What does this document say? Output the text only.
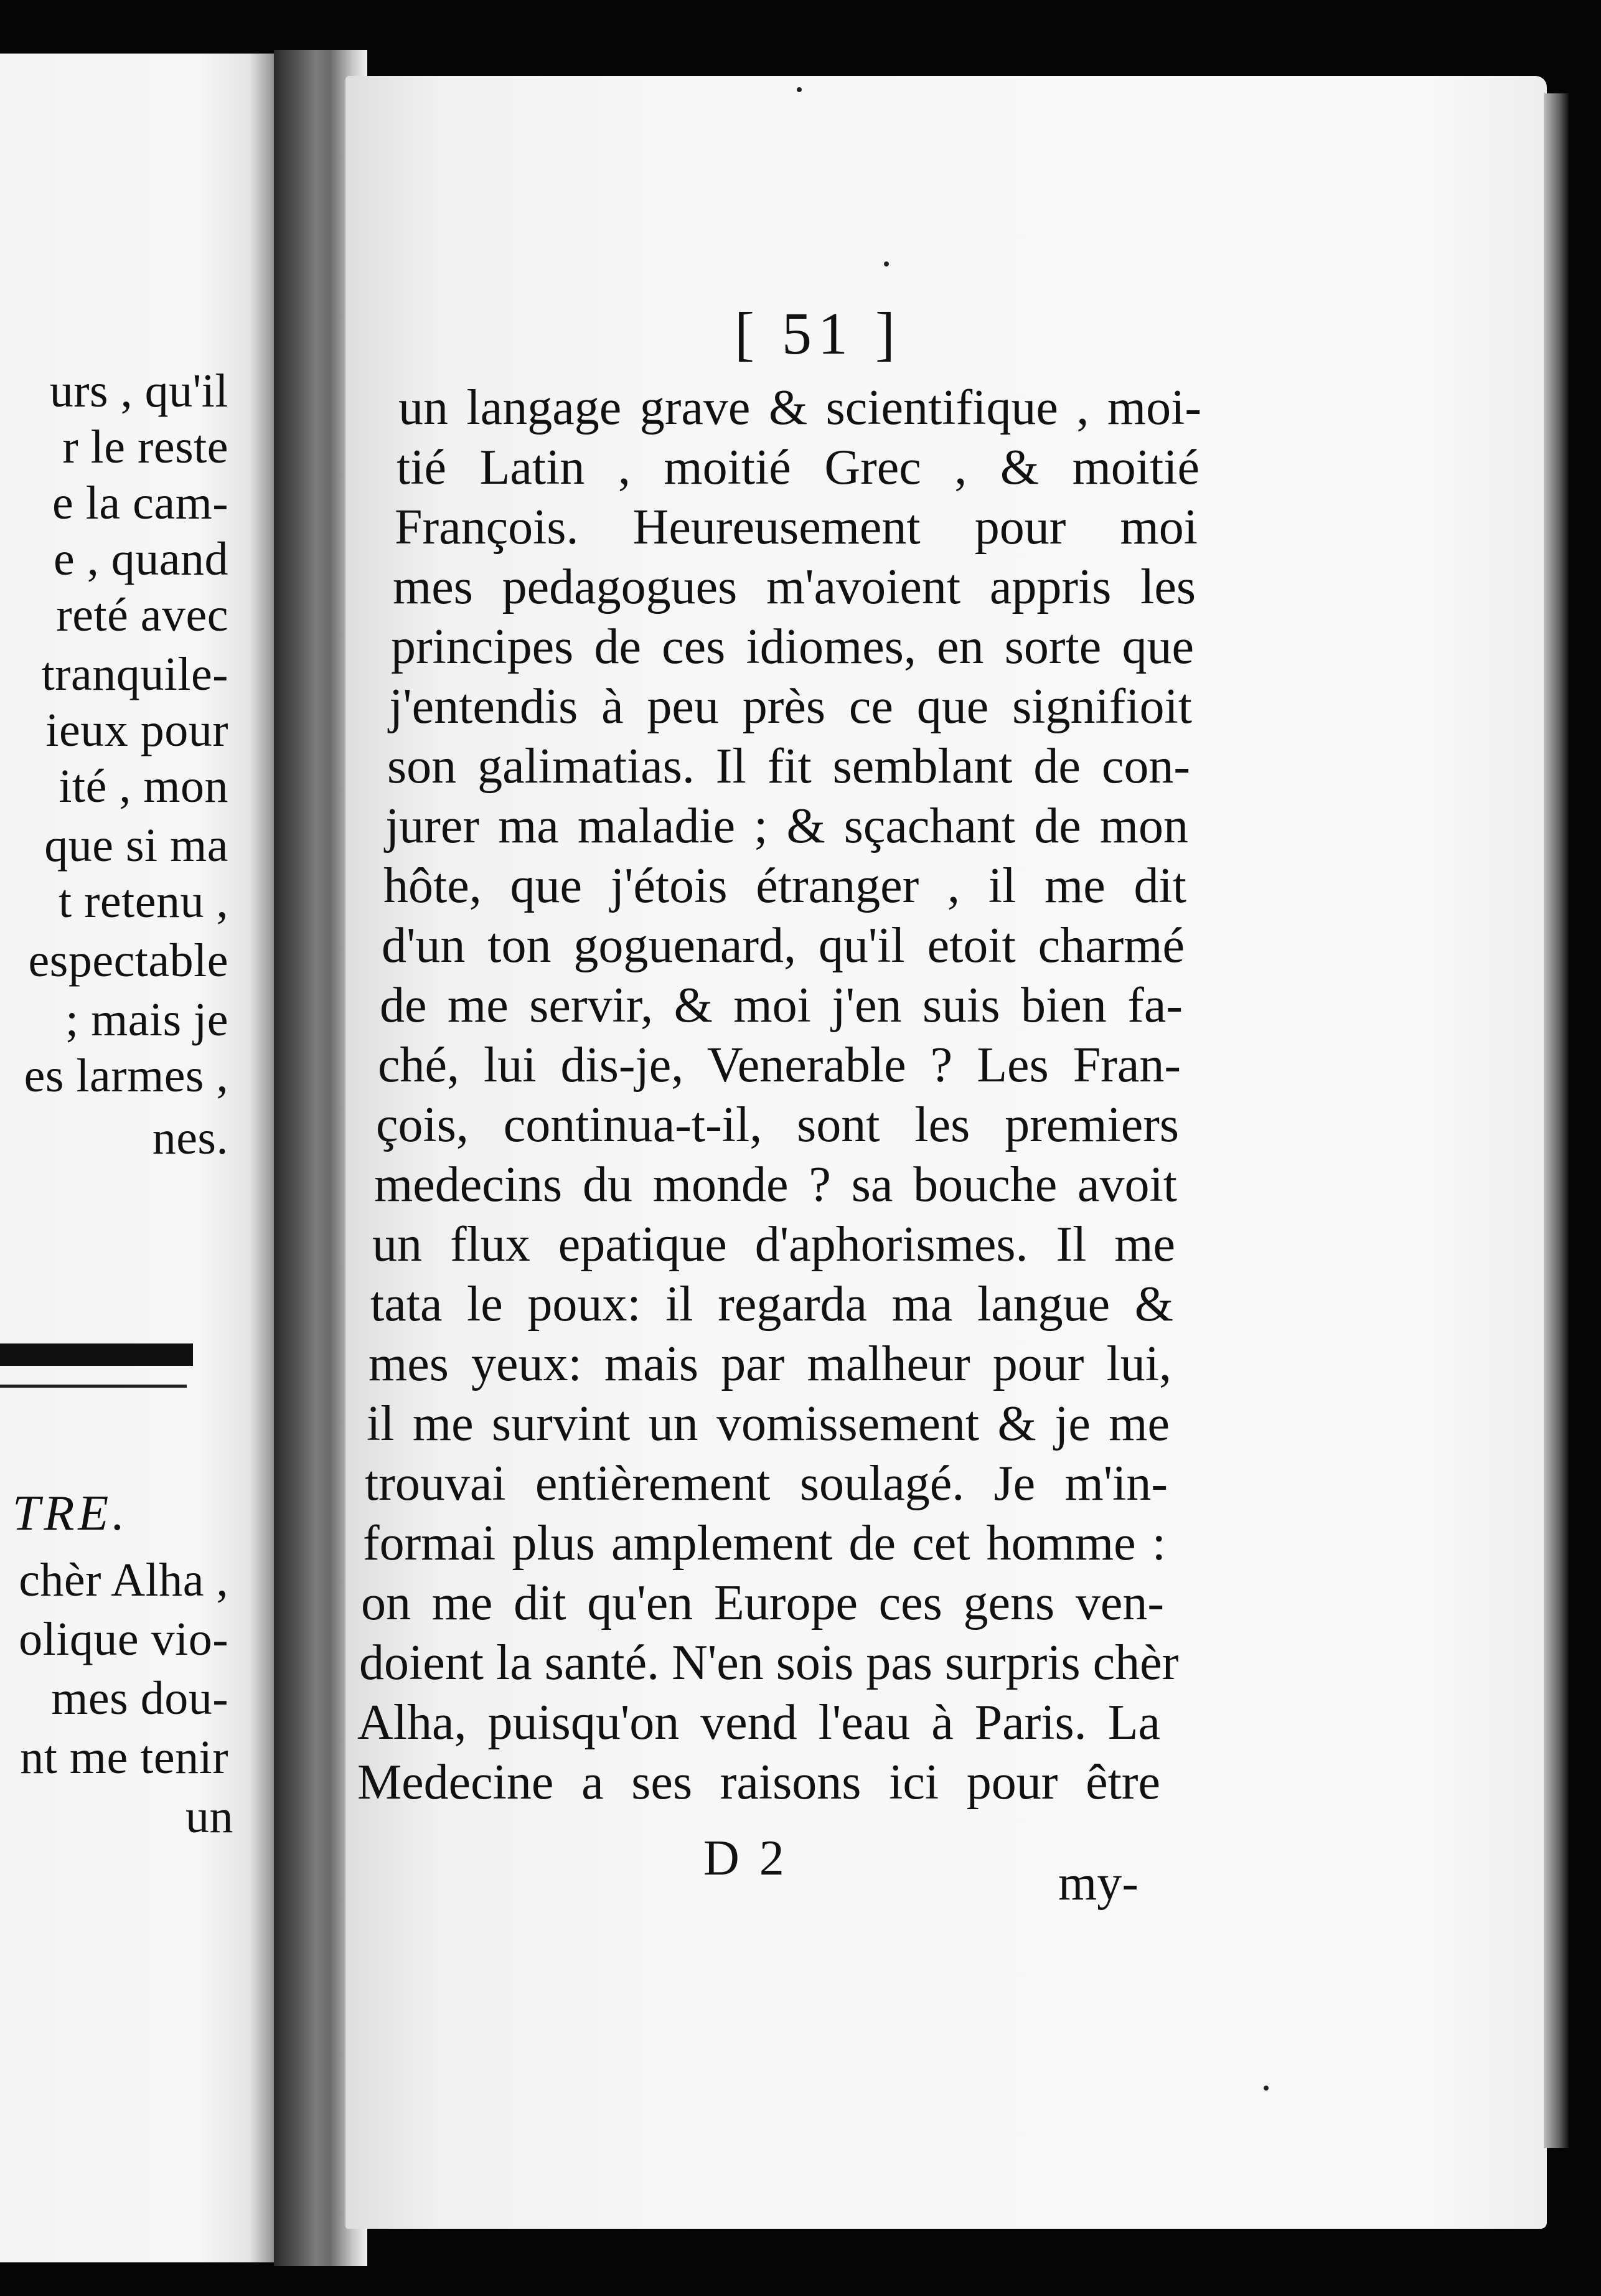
urs , qu'il
r le reste
e la cam-
e , quand
reté avec
tranquile-
ieux pour
ité , mon
que si ma
t retenu ,
espectable
; mais je
es larmes ,
nes.
TRE.
chèr Alha ,
olique vio-
mes dou-
nt me tenir
un
[ 51 ]
un langage grave & scientifique , moi-
tié Latin , moitié Grec , & moitié
François. Heureusement pour moi
mes pedagogues m'avoient appris les
principes de ces idiomes, en sorte que
j'entendis à peu près ce que signifioit
son galimatias. Il fit semblant de con-
jurer ma maladie ; & sçachant de mon
hôte, que j'étois étranger , il me dit
d'un ton goguenard, qu'il etoit charmé
de me servir, & moi j'en suis bien fa-
ché, lui dis-je, Venerable ? Les Fran-
çois, continua-t-il, sont les premiers
medecins du monde ? sa bouche avoit
un flux epatique d'aphorismes. Il me
tata le poux: il regarda ma langue &
mes yeux: mais par malheur pour lui,
il me survint un vomissement & je me
trouvai entièrement soulagé. Je m'in-
formai plus amplement de cet homme :
on me dit qu'en Europe ces gens ven-
doient la santé. N'en sois pas surpris chèr
Alha, puisqu'on vend l'eau à Paris. La
Medecine a ses raisons ici pour être
D 2	my-
